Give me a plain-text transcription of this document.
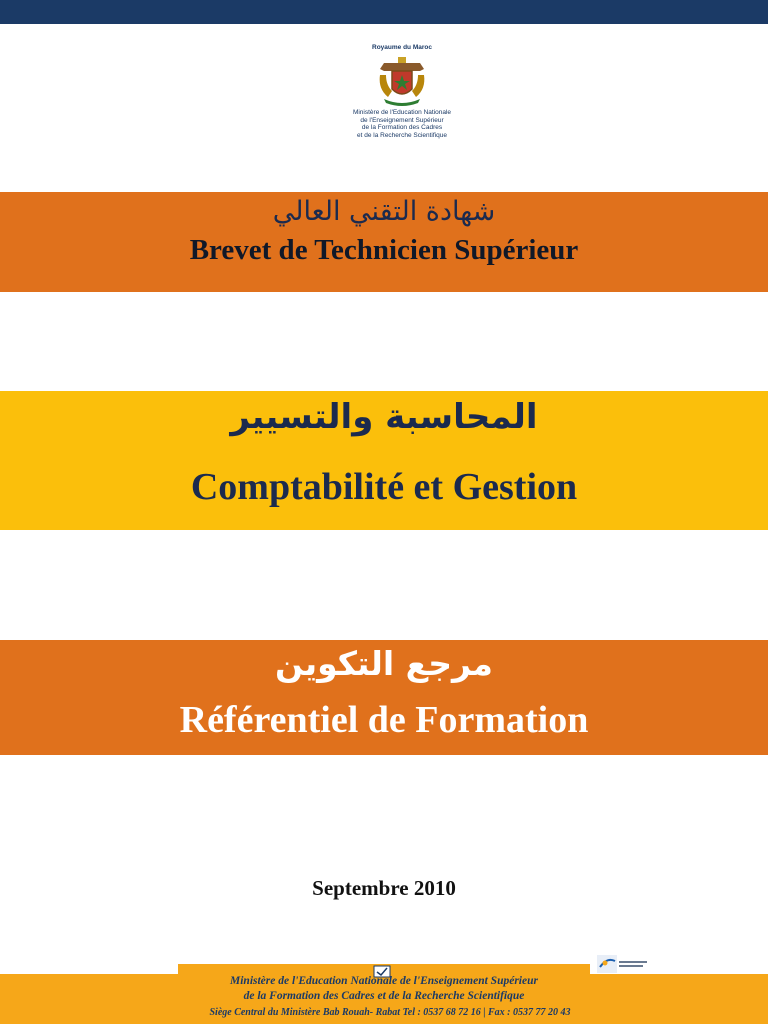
Royaume du Maroc
Ministère de l'Education Nationale
de l'Enseignement Supérieur
de la Formation des Cadres
et de la Recherche Scientifique
شهادة التقني العالي
Brevet de Technicien Supérieur
المحاسبة والتسيير
Comptabilité et Gestion
مرجع التكوين
Référentiel de Formation
Septembre 2010
Ministère de l'Education Nationale de l'Enseignement Supérieur
de la Formation des Cadres et de la Recherche Scientifique
Siège Central du Ministère Bab Rouah- Rabat Tel : 0537 68 72 16 | Fax : 0537 77 20 43
